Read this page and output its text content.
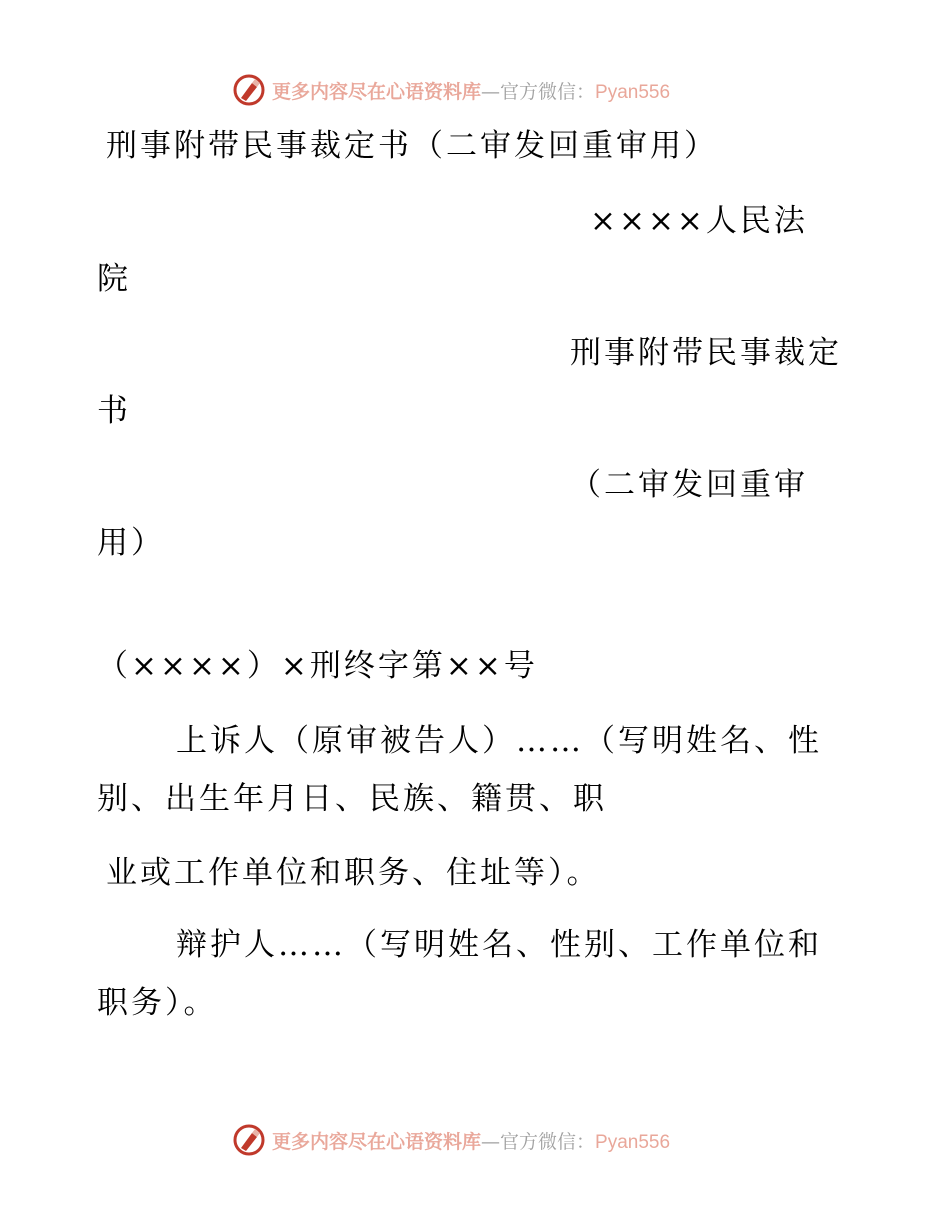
更多内容尽在心语资料库—官方微信：Pyan556
刑事附带民事裁定书（二审发回重审用）
××××人民法
院
刑事附带民事裁定
书
（二审发回重审
用）
（××××）×刑终字第××号
上诉人（原审被告人）……（写明姓名、性
别、出生年月日、民族、籍贯、职
业或工作单位和职务、住址等）。
辩护人……（写明姓名、性别、工作单位和
职务）。
更多内容尽在心语资料库—官方微信：Pyan556
